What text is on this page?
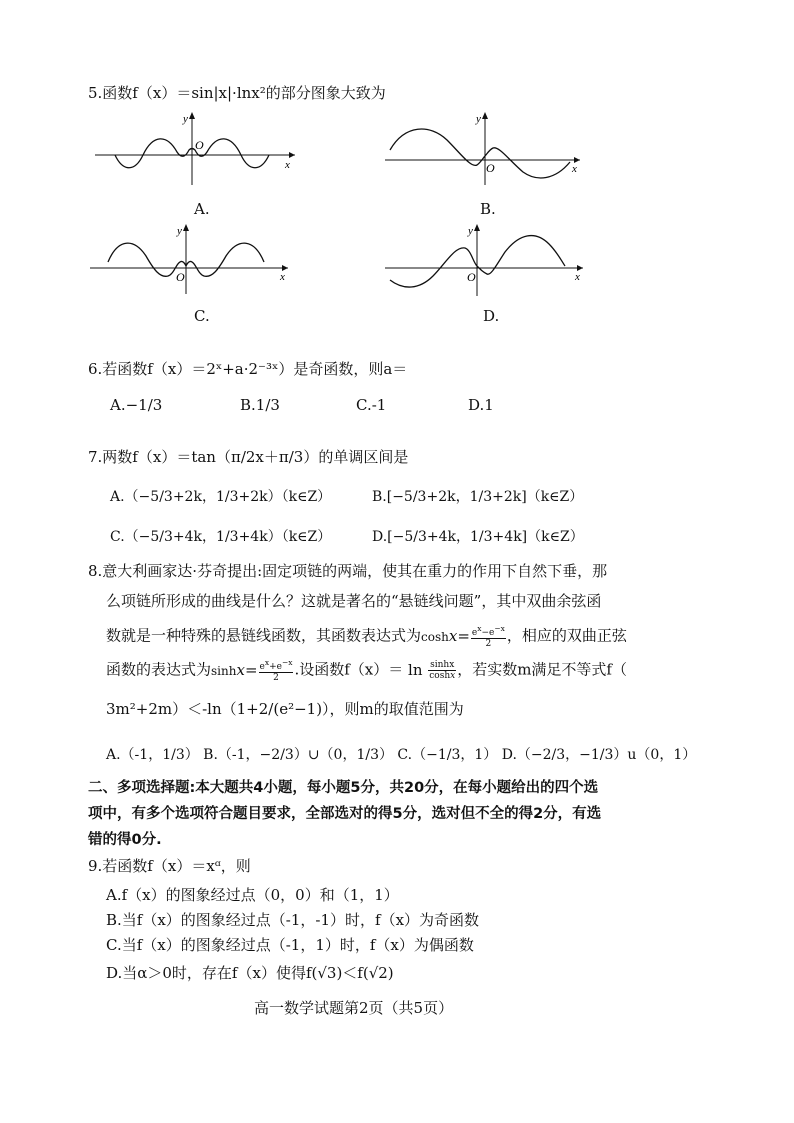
5.函数f（x）＝sin|x|·lnx²的部分图象大致为
y
x
O
A.
y
x
O
B.
y
x
O
C.
y
x
O
D.
6.若函数f（x）＝2ˣ+a·2⁻³ˣ）是奇函数，则a＝
A.−1/3	B.1/3	C.-1	D.1
7.两数f（x）＝tan（π/2x＋π/3）的单调区间是
A.（−5/3+2k，1/3+2k）（k∈Z）	B.[−5/3+2k，1/3+2k]（k∈Z）
C.（−5/3+4k，1/3+4k）（k∈Z）	D.[−5/3+4k，1/3+4k]（k∈Z）
8.意大利画家达·芬奇提出:固定项链的两端，使其在重力的作用下自然下垂，那
么项链所形成的曲线是什么？这就是著名的“悬链线问题”，其中双曲余弦函
数就是一种特殊的悬链线函数，其函数表达式为$\cosh x= \frac{e^x-e^{-x}}{2}$ ，相应的双曲正弦
函数的表达式为$\sinh x= \frac{e^x+e^{-x}}{2}$ .设函数$f(x)= \ln \frac{\sinh x}{\cosh x}$ ，若实数m满足不等式f（
3m²+2m）＜-ln（1+2/(e²−1)），则m的取值范围为
A.（-1，1/3） B.（-1，−2/3）∪（0，1/3） C.（−1/3，1） D.（−2/3，−1/3）u（0，1）
二、多项选择题:本大题共4小题，每小题5分，共20分，在每小题给出的四个选
项中，有多个选项符合题目要求，全部选对的得5分，选对但不全的得2分，有选
错的得0分.
9.若函数f（x）＝xᵅ，则
A.f（x）的图象经过点（0，0）和（1，1）
B.当f（x）的图象经过点（-1，-1）时，f（x）为奇函数
C.当f（x）的图象经过点（-1，1）时，f（x）为偶函数
D.当α＞0时，存在f（x）使得f(√3)＜f(√2)
高一数学试题第2页（共5页）
